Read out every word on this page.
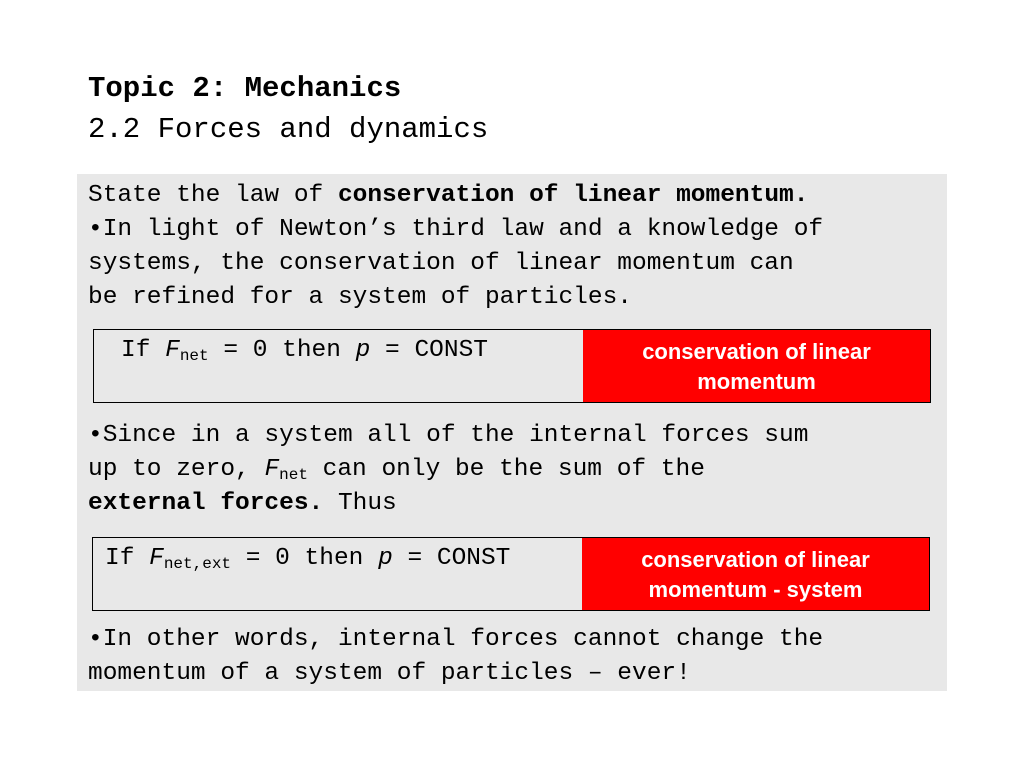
Topic 2: Mechanics
2.2 Forces and dynamics
State the law of conservation of linear momentum.
•In light of Newton’s third law and a knowledge of
systems, the conservation of linear momentum can
be refined for a system of particles.
If $F_{net} = 0$ then p = CONST	conservation of linear
momentum
•Since in a system all of the internal forces sum
up to zero, $F_{net}$ can only be the sum of the
external forces. Thus
If $F_{net,ext} = 0$ then p = CONST	conservation of linear
momentum - system
•In other words, internal forces cannot change the
momentum of a system of particles – ever!
